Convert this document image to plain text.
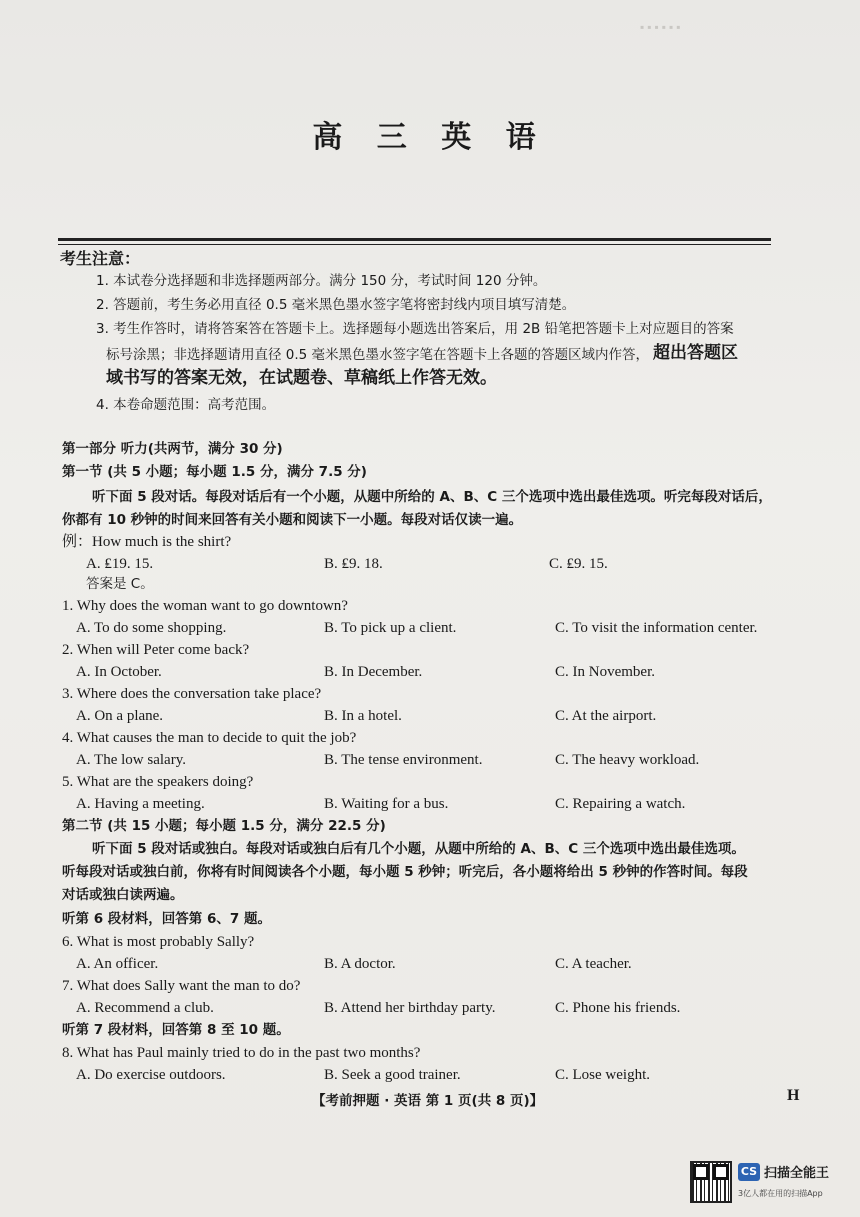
▪ ▪ ▪ ▪ ▪ ▪
高 三 英 语
考生注意：
1. 本试卷分选择题和非选择题两部分。满分 150 分，考试时间 120 分钟。
2. 答题前，考生务必用直径 0.5 毫米黑色墨水签字笔将密封线内项目填写清楚。
3. 考生作答时，请将答案答在答题卡上。选择题每小题选出答案后，用 2B 铅笔把答题卡上对应题目的答案
标号涂黑；非选择题请用直径 0.5 毫米黑色墨水签字笔在答题卡上各题的答题区域内作答， 超出答题区
域书写的答案无效，在试题卷、草稿纸上作答无效。
4. 本卷命题范围：高考范围。
第一部分 听力(共两节，满分 30 分)
第一节 (共 5 小题；每小题 1.5 分，满分 7.5 分)
听下面 5 段对话。每段对话后有一个小题，从题中所给的 A、B、C 三个选项中选出最佳选项。听完每段对话后，
你都有 10 秒钟的时间来回答有关小题和阅读下一小题。每段对话仅读一遍。
例：How much is the shirt?
A. ₤19. 15.	B. ₤9. 18.	C. ₤9. 15.
答案是 C。
1. Why does the woman want to go downtown?
A. To do some shopping.	B. To pick up a client.	C. To visit the information center.
2. When will Peter come back?
A. In October.	B. In December.	C. In November.
3. Where does the conversation take place?
A. On a plane.	B. In a hotel.	C. At the airport.
4. What causes the man to decide to quit the job?
A. The low salary.	B. The tense environment.	C. The heavy workload.
5. What are the speakers doing?
A. Having a meeting.	B. Waiting for a bus.	C. Repairing a watch.
第二节 (共 15 小题；每小题 1.5 分，满分 22.5 分)
听下面 5 段对话或独白。每段对话或独白后有几个小题，从题中所给的 A、B、C 三个选项中选出最佳选项。
听每段对话或独白前，你将有时间阅读各个小题，每小题 5 秒钟；听完后，各小题将给出 5 秒钟的作答时间。每段
对话或独白读两遍。
听第 6 段材料，回答第 6、7 题。
6. What is most probably Sally?
A. An officer.	B. A doctor.	C. A teacher.
7. What does Sally want the man to do?
A. Recommend a club.	B. Attend her birthday party.	C. Phone his friends.
听第 7 段材料，回答第 8 至 10 题。
8. What has Paul mainly tried to do in the past two months?
A. Do exercise outdoors.	B. Seek a good trainer.	C. Lose weight.
【考前押题 · 英语 第 1 页(共 8 页)】	H
CS 扫描全能王
3亿人都在用的扫描App
